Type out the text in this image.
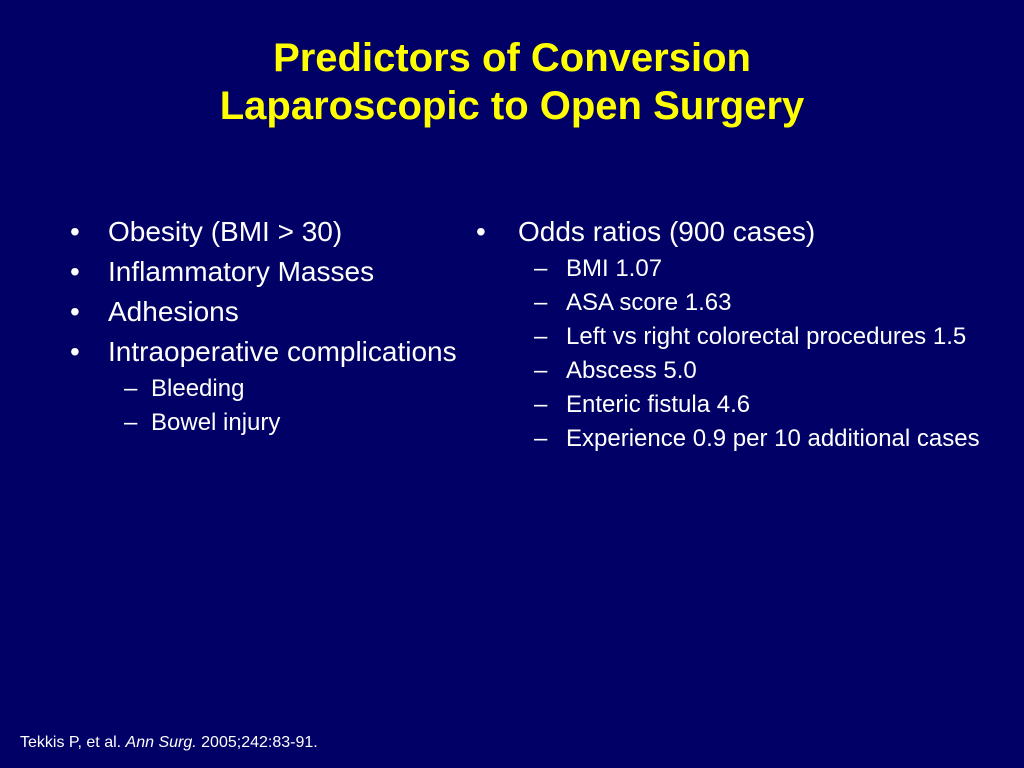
Predictors of Conversion
Laparoscopic to Open Surgery
•	Obesity (BMI > 30)
•	Inflammatory Masses
•	Adhesions
•	Intraoperative complications
– Bleeding
– Bowel injury
•	Odds ratios (900 cases)
– BMI 1.07
– ASA score 1.63
– Left vs right colorectal procedures 1.5
– Abscess 5.0
– Enteric fistula 4.6
– Experience 0.9 per 10 additional cases
Tekkis P, et al. Ann Surg. 2005;242:83-91.
